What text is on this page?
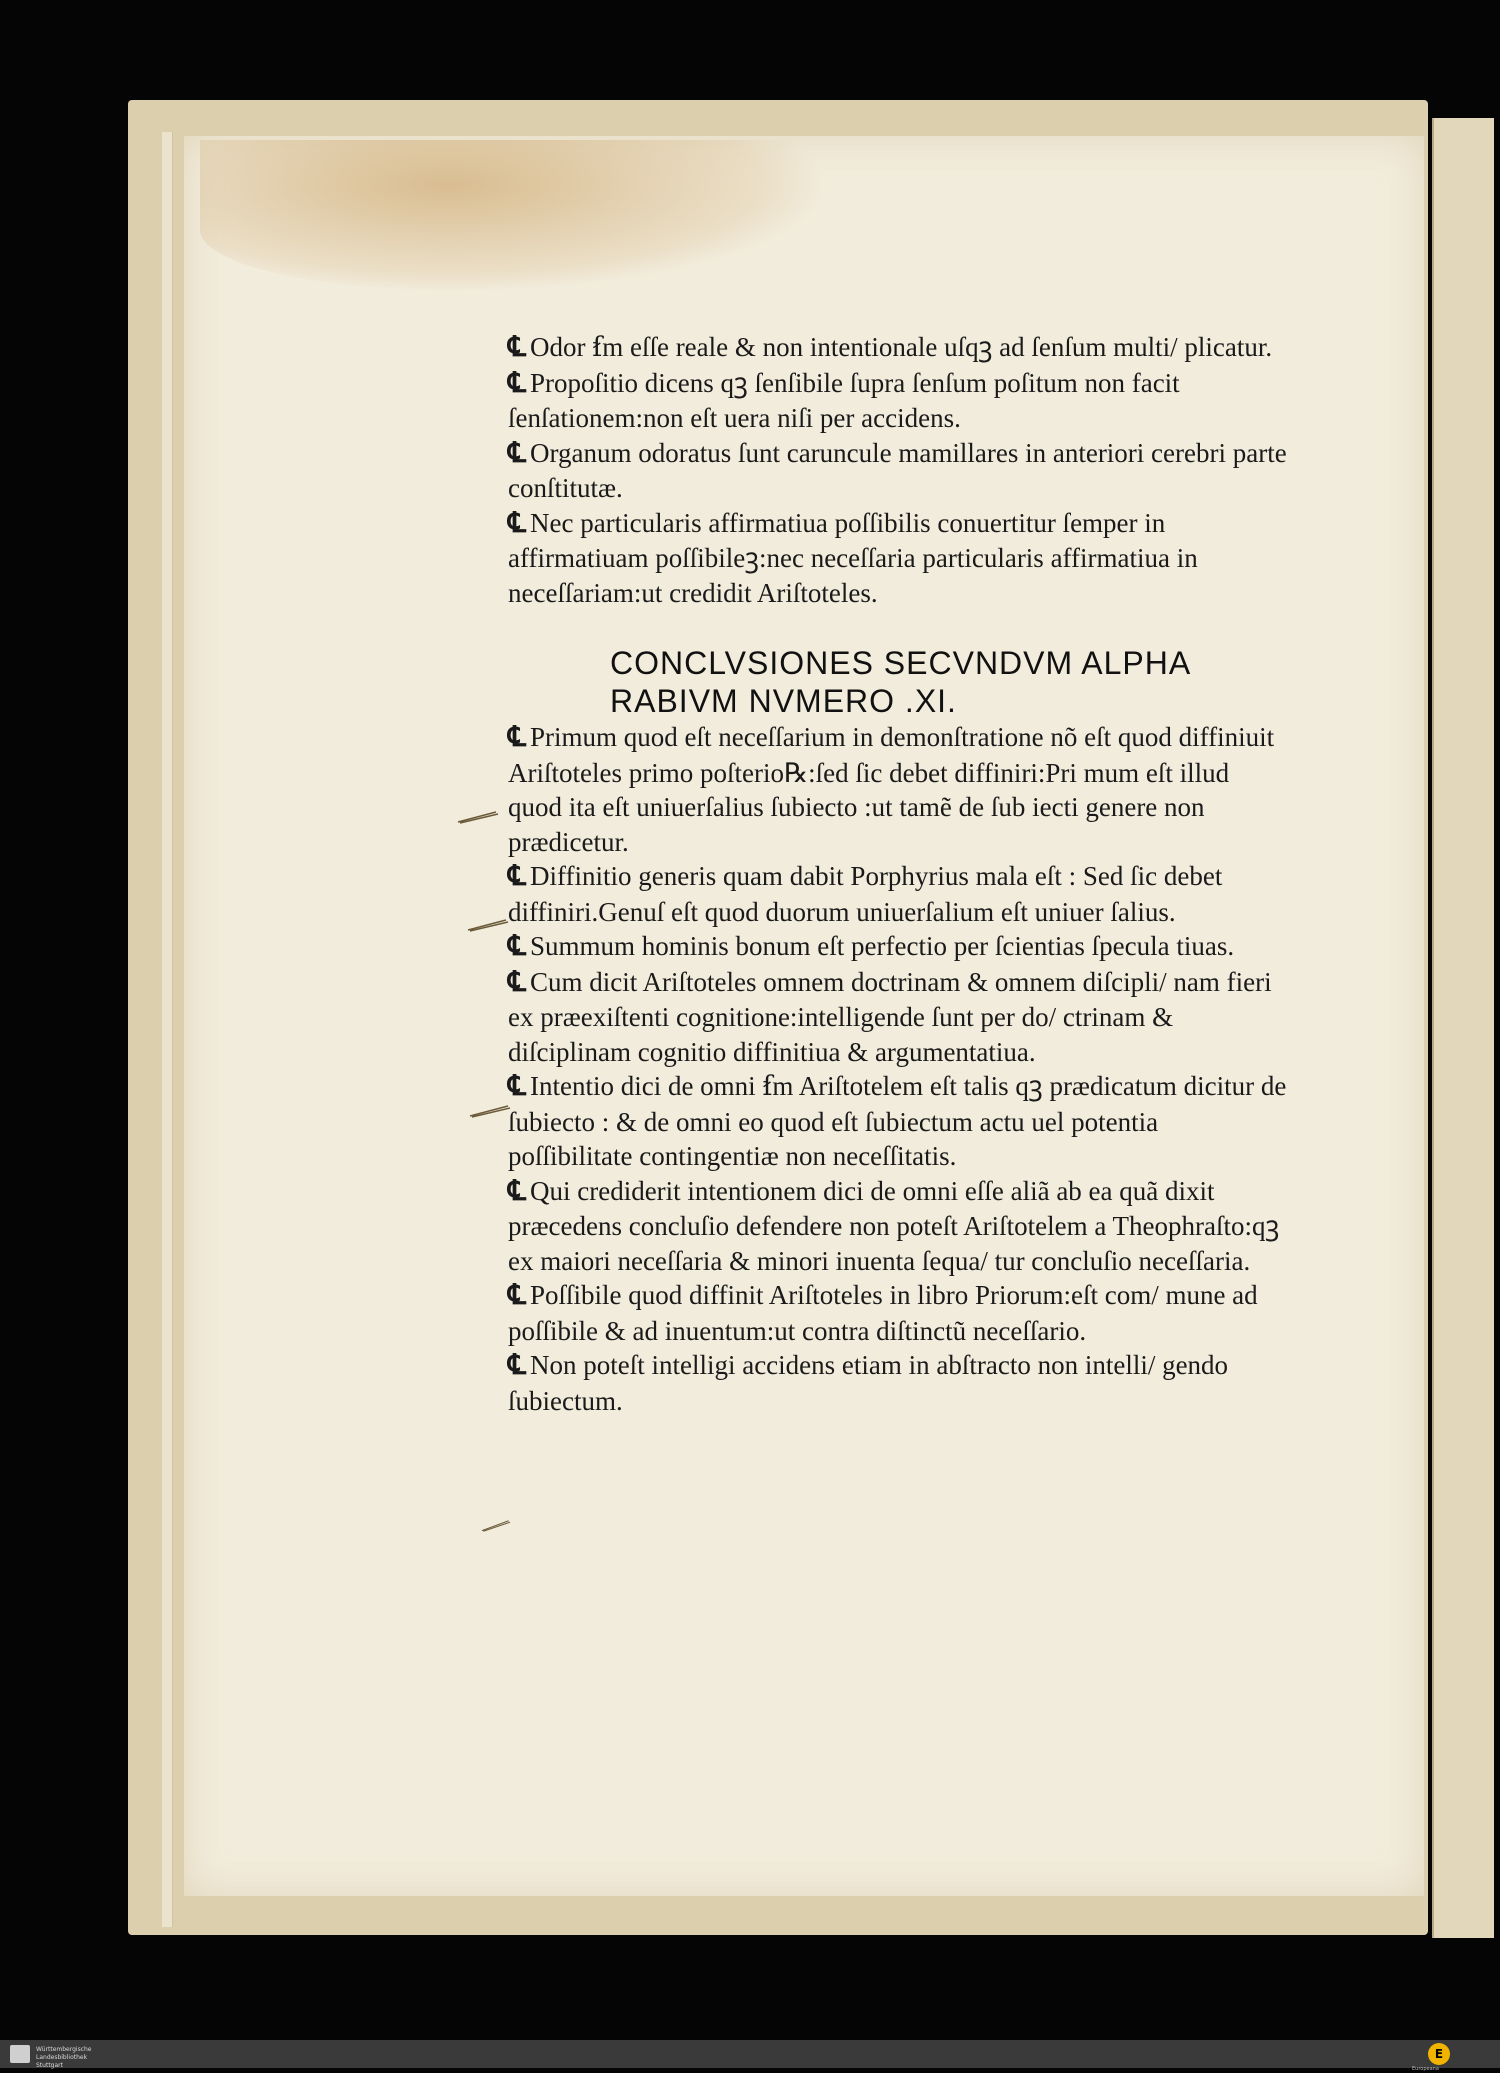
℄ Odor ẜm eſſe reale & non intentionale uſqꝫ ad ſenſum multi/ plicatur.

℄ Propoſitio dicens qꝫ ſenſibile ſupra ſenſum poſitum non facit ſenſationem:non eſt uera niſi per accidens.

℄ Organum odoratus ſunt caruncule mamillares in anteriori cerebri parte conſtitutæ.

℄ Nec particularis affirmatiua poſſibilis conuertitur ſemper in affirmatiuam poſſibileꝫ:nec neceſſaria particularis affirmatiua in neceſſariam:ut credidit Ariſtoteles.

CONCLVSIONES SECVNDVM ALPHA
RABIVM NVMERO .XI.

℄ Primum quod eſt neceſſarium in demonſtratione nõ eſt quod diffiniuit Ariſtoteles primo poſterio℞:ſed ſic debet diffiniri:Pri mum eſt illud quod ita eſt uniuerſalius ſubiecto :ut tamẽ de ſub iecti genere non prædicetur.

℄ Diffinitio generis quam dabit Porphyrius mala eſt : Sed ſic debet diffiniri.Genuſ eſt quod duorum uniuerſalium eſt uniuer ſalius.

℄ Summum hominis bonum eſt perfectio per ſcientias ſpecula tiuas.

℄ Cum dicit Ariſtoteles omnem doctrinam & omnem diſcipli/ nam fieri ex præexiſtenti cognitione:intelligende ſunt per do/ ctrinam & diſciplinam cognitio diffinitiua & argumentatiua.

℄ Intentio dici de omni ẜm Ariſtotelem eſt talis qꝫ prædicatum dicitur de ſubiecto : & de omni eo quod eſt ſubiectum actu uel potentia poſſibilitate contingentiæ non neceſſitatis.

℄ Qui crediderit intentionem dici de omni eſſe aliã ab ea quã dixit præcedens concluſio defendere non poteſt Ariſtotelem a Theophraſto:qꝫ ex maiori neceſſaria & minori inuenta ſequa/ tur concluſio neceſſaria.

℄ Poſſibile quod diffinit Ariſtoteles in libro Priorum:eſt com/ mune ad poſſibile & ad inuentum:ut contra diſtinctũ neceſſario.

℄ Non poteſt intelligi accidens etiam in abſtracto non intelli/ gendo ſubiectum.

Württembergische
Landesbibliothek
Stuttgart
E
Europeana
